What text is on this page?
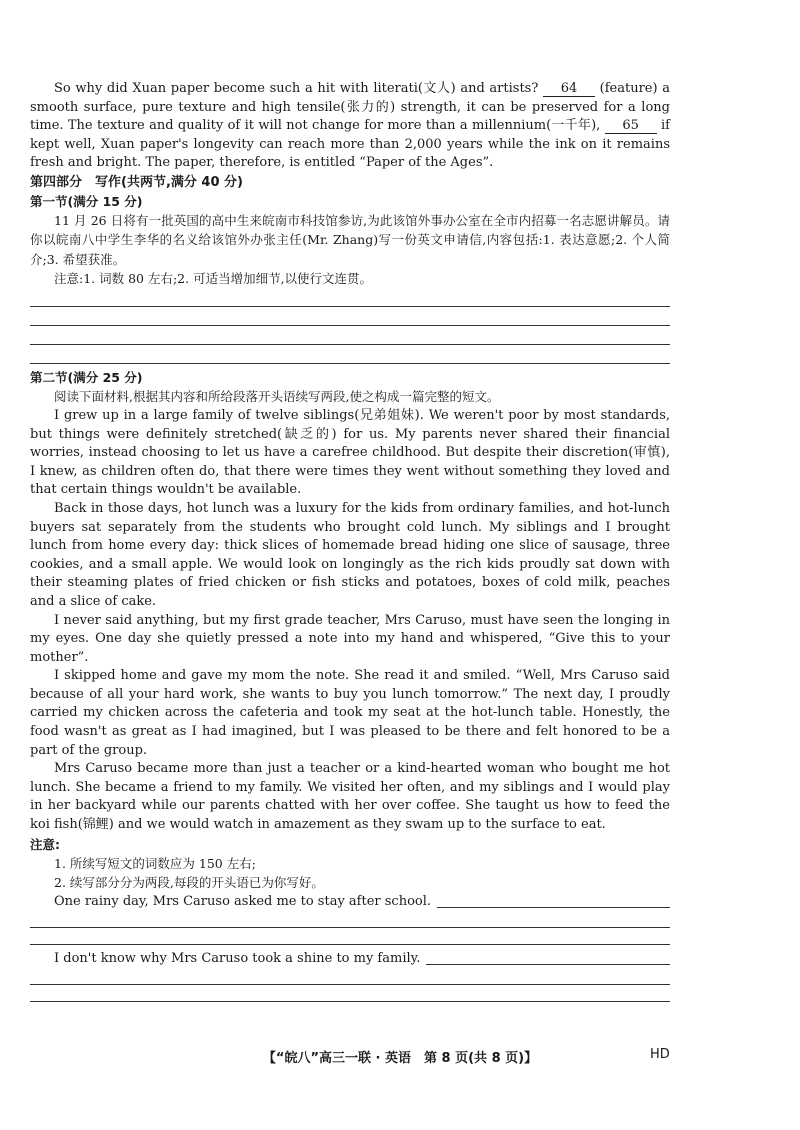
So why did Xuan paper become such a hit with literati(文人) and artists? 64 (feature) a smooth surface, pure texture and high tensile(张力的) strength, it can be preserved for a long time. The texture and quality of it will not change for more than a millennium(一千年), 65 if kept well, Xuan paper's longevity can reach more than 2,000 years while the ink on it remains fresh and bright. The paper, therefore, is entitled “Paper of the Ages”.

第四部分　写作(共两节,满分 40 分)

第一节(满分 15 分)

11 月 26 日将有一批英国的高中生来皖南市科技馆参访,为此该馆外事办公室在全市内招募一名志愿讲解员。请你以皖南八中学生李华的名义给该馆外办张主任(Mr. Zhang)写一份英文申请信,内容包括:1. 表达意愿;2. 个人简介;3. 希望获准。

注意:1. 词数 80 左右;2. 可适当增加细节,以使行文连贯。

第二节(满分 25 分)

阅读下面材料,根据其内容和所给段落开头语续写两段,使之构成一篇完整的短文。

I grew up in a large family of twelve siblings(兄弟姐妹). We weren't poor by most standards, but things were definitely stretched(缺乏的) for us. My parents never shared their financial worries, instead choosing to let us have a carefree childhood. But despite their discretion(审慎), I knew, as children often do, that there were times they went without something they loved and that certain things wouldn't be available.

Back in those days, hot lunch was a luxury for the kids from ordinary families, and hot-lunch buyers sat separately from the students who brought cold lunch. My siblings and I brought lunch from home every day: thick slices of homemade bread hiding one slice of sausage, three cookies, and a small apple. We would look on longingly as the rich kids proudly sat down with their steaming plates of fried chicken or fish sticks and potatoes, boxes of cold milk, peaches and a slice of cake.

I never said anything, but my first grade teacher, Mrs Caruso, must have seen the longing in my eyes. One day she quietly pressed a note into my hand and whispered, “Give this to your mother”.

I skipped home and gave my mom the note. She read it and smiled. “Well, Mrs Caruso said because of all your hard work, she wants to buy you lunch tomorrow.” The next day, I proudly carried my chicken across the cafeteria and took my seat at the hot-lunch table. Honestly, the food wasn't as great as I had imagined, but I was pleased to be there and felt honored to be a part of the group.

Mrs Caruso became more than just a teacher or a kind-hearted woman who bought me hot lunch. She became a friend to my family. We visited her often, and my siblings and I would play in her backyard while our parents chatted with her over coffee. She taught us how to feed the koi fish(锦鲤) and we would watch in amazement as they swam up to the surface to eat.

注意:

1. 所续写短文的词数应为 150 左右;

2. 续写部分分为两段,每段的开头语已为你写好。

One rainy day, Mrs Caruso asked me to stay after school.
I don't know why Mrs Caruso took a shine to my family.
【“皖八”高三一联 · 英语　第 8 页(共 8 页)】	HD
